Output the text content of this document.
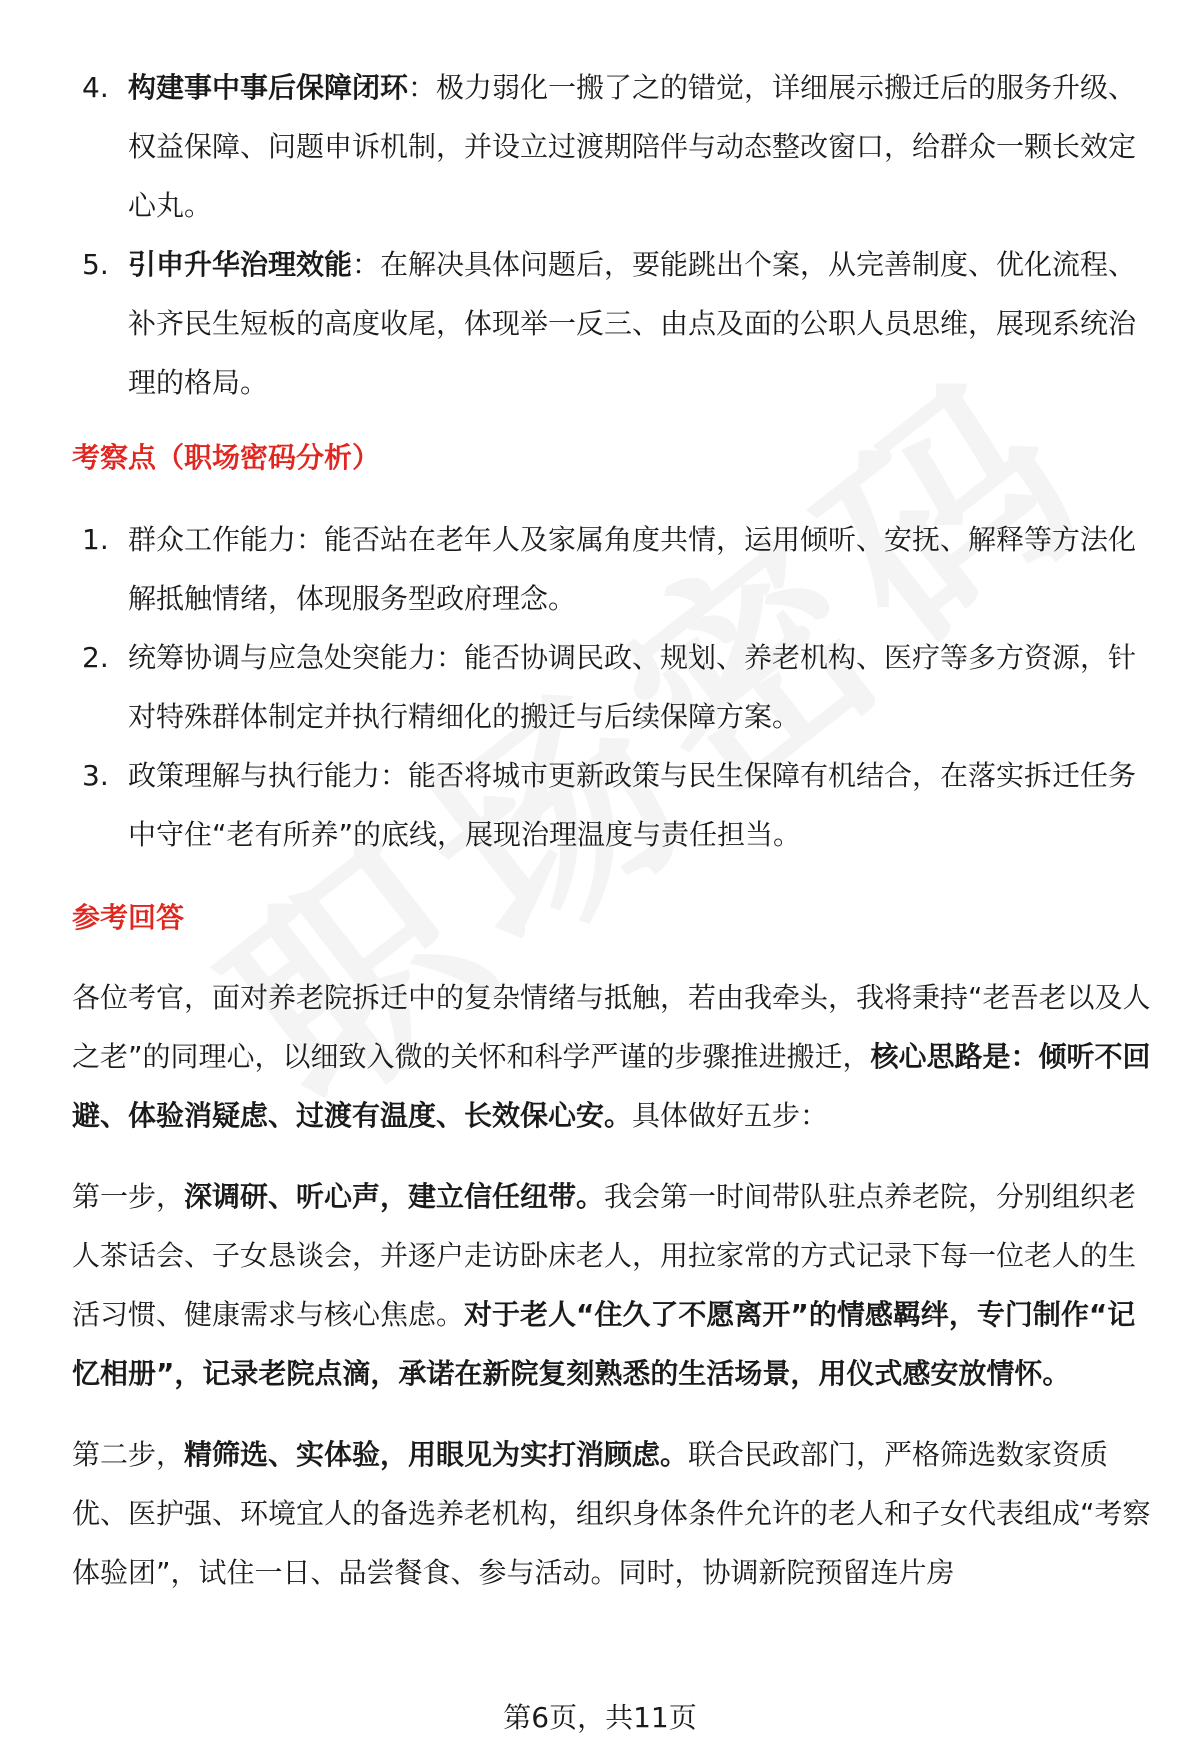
4. 构建事中事后保障闭环：极力弱化一搬了之的错觉，详细展示搬迁后的服务升级、权益保障、问题申诉机制，并设立过渡期陪伴与动态整改窗口，给群众一颗长效定心丸。
5. 引申升华治理效能：在解决具体问题后，要能跳出个案，从完善制度、优化流程、补齐民生短板的高度收尾，体现举一反三、由点及面的公职人员思维，展现系统治理的格局。
考察点（职场密码分析）
1. 群众工作能力：能否站在老年人及家属角度共情，运用倾听、安抚、解释等方法化解抵触情绪，体现服务型政府理念。
2. 统筹协调与应急处突能力：能否协调民政、规划、养老机构、医疗等多方资源，针对特殊群体制定并执行精细化的搬迁与后续保障方案。
3. 政策理解与执行能力：能否将城市更新政策与民生保障有机结合，在落实拆迁任务中守住“老有所养”的底线，展现治理温度与责任担当。
参考回答
各位考官，面对养老院拆迁中的复杂情绪与抵触，若由我牵头，我将秉持“老吾老以及人之老”的同理心，以细致入微的关怀和科学严谨的步骤推进搬迁，核心思路是：倾听不回避、体验消疑虑、过渡有温度、长效保心安。具体做好五步：
第一步，深调研、听心声，建立信任纽带。我会第一时间带队驻点养老院，分别组织老人茶话会、子女恳谈会，并逐户走访卧床老人，用拉家常的方式记录下每一位老人的生活习惯、健康需求与核心焦虑。对于老人“住久了不愿离开”的情感羁绊，专门制作“记忆相册”，记录老院点滴，承诺在新院复刻熟悉的生活场景，用仪式感安放情怀。
第二步，精筛选、实体验，用眼见为实打消顾虑。联合民政部门，严格筛选数家资质优、医护强、环境宜人的备选养老机构，组织身体条件允许的老人和子女代表组成“考察体验团”，试住一日、品尝餐食、参与活动。同时，协调新院预留连片房
第6页，共11页
